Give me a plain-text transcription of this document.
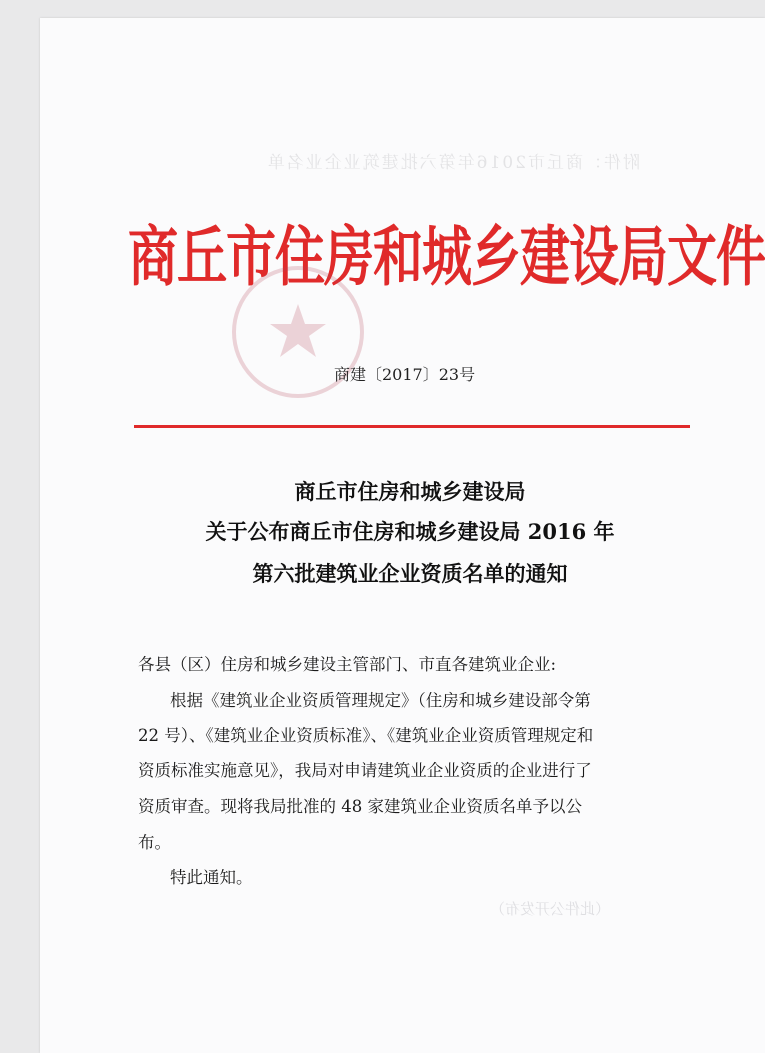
附件：商丘市2016年第六批建筑业企业名单
商丘市住房和城乡建设局文件
商建〔2017〕23号
商丘市住房和城乡建设局
关于公布商丘市住房和城乡建设局 2016 年
第六批建筑业企业资质名单的通知

各县（区）住房和城乡建设主管部门、市直各建筑业企业:

根据《建筑业企业资质管理规定》（住房和城乡建设部令第

22 号）、《建筑业企业资质标准》、《建筑业企业资质管理规定和

资质标准实施意见》，我局对申请建筑业企业资质的企业进行了

资质审查。现将我局批准的 48 家建筑业企业资质名单予以公

布。

特此通知。

（此件公开发布）
